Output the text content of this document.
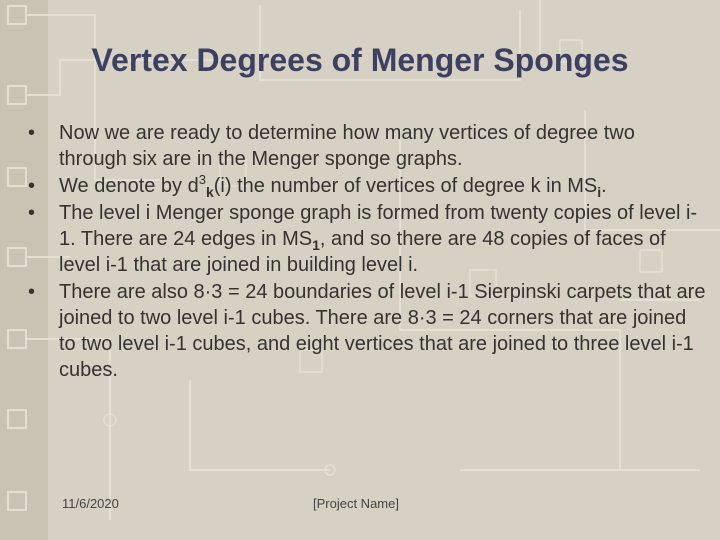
Vertex Degrees of Menger Sponges
• Now we are ready to determine how many vertices of degree two through six are in the Menger sponge graphs.
• We denote by $d^3_k(i)$ the number of vertices of degree k in $MS_i$.
• The level i Menger sponge graph is formed from twenty copies of level i-1. There are 24 edges in $MS_1$, and so there are 48 copies of faces of level i-1 that are joined in building level i.
• There are also 8·3 = 24 boundaries of level i-1 Sierpinski carpets that are joined to two level i-1 cubes. There are 8·3 = 24 corners that are joined to two level i-1 cubes, and eight vertices that are joined to three level i-1 cubes.
11/6/2020	[Project Name]
